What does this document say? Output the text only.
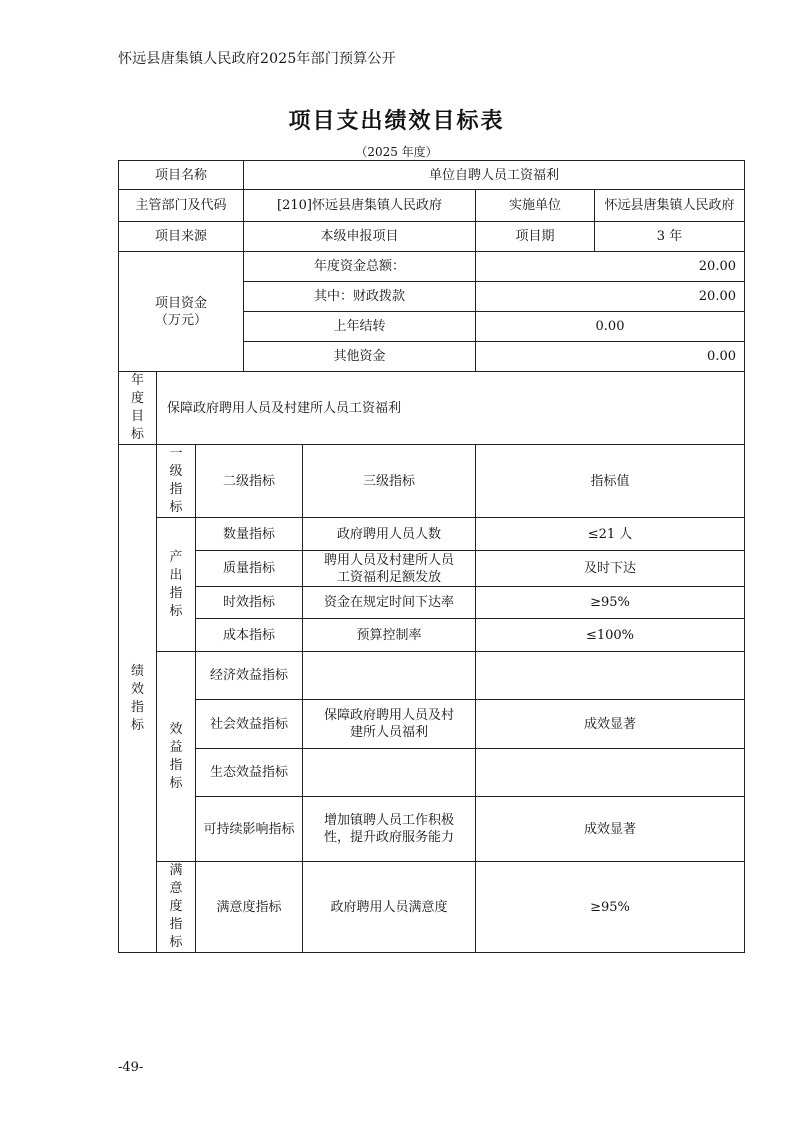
怀远县唐集镇人民政府2025年部门预算公开
项目支出绩效目标表
（2025 年度）
项目名称			单位自聘人员工资福利			
主管部门及代码			[210]怀远县唐集镇人民政府		实施单位	怀远县唐集镇人民政府
项目来源			本级申报项目		项目期	3 年

项目资金
（万元）			年度资金总额：		20.00	
			其中：财政拨款		20.00	
			上年结转		0.00	
			其他资金		0.00	

年度目标	保障政府聘用人员及村建所人员工资福利					

绩效指标	一级指标	二级指标		三级指标	指标值	

	产出指标	数量指标		政府聘用人员人数	≤21 人	
		质量指标		聘用人员及村建所人员工资福利足额发放	及时下达	
		时效指标		资金在规定时间下达率	≥95%	
		成本指标		预算控制率	≤100%	

	效益指标	经济效益指标				
		社会效益指标		保障政府聘用人员及村建所人员福利	成效显著	
		生态效益指标				

		可持续影响指标		增加镇聘人员工作积极性，提升政府服务能力	成效显著	

	满意度指标	满意度指标		政府聘用人员满意度	≥95%	
-49-
